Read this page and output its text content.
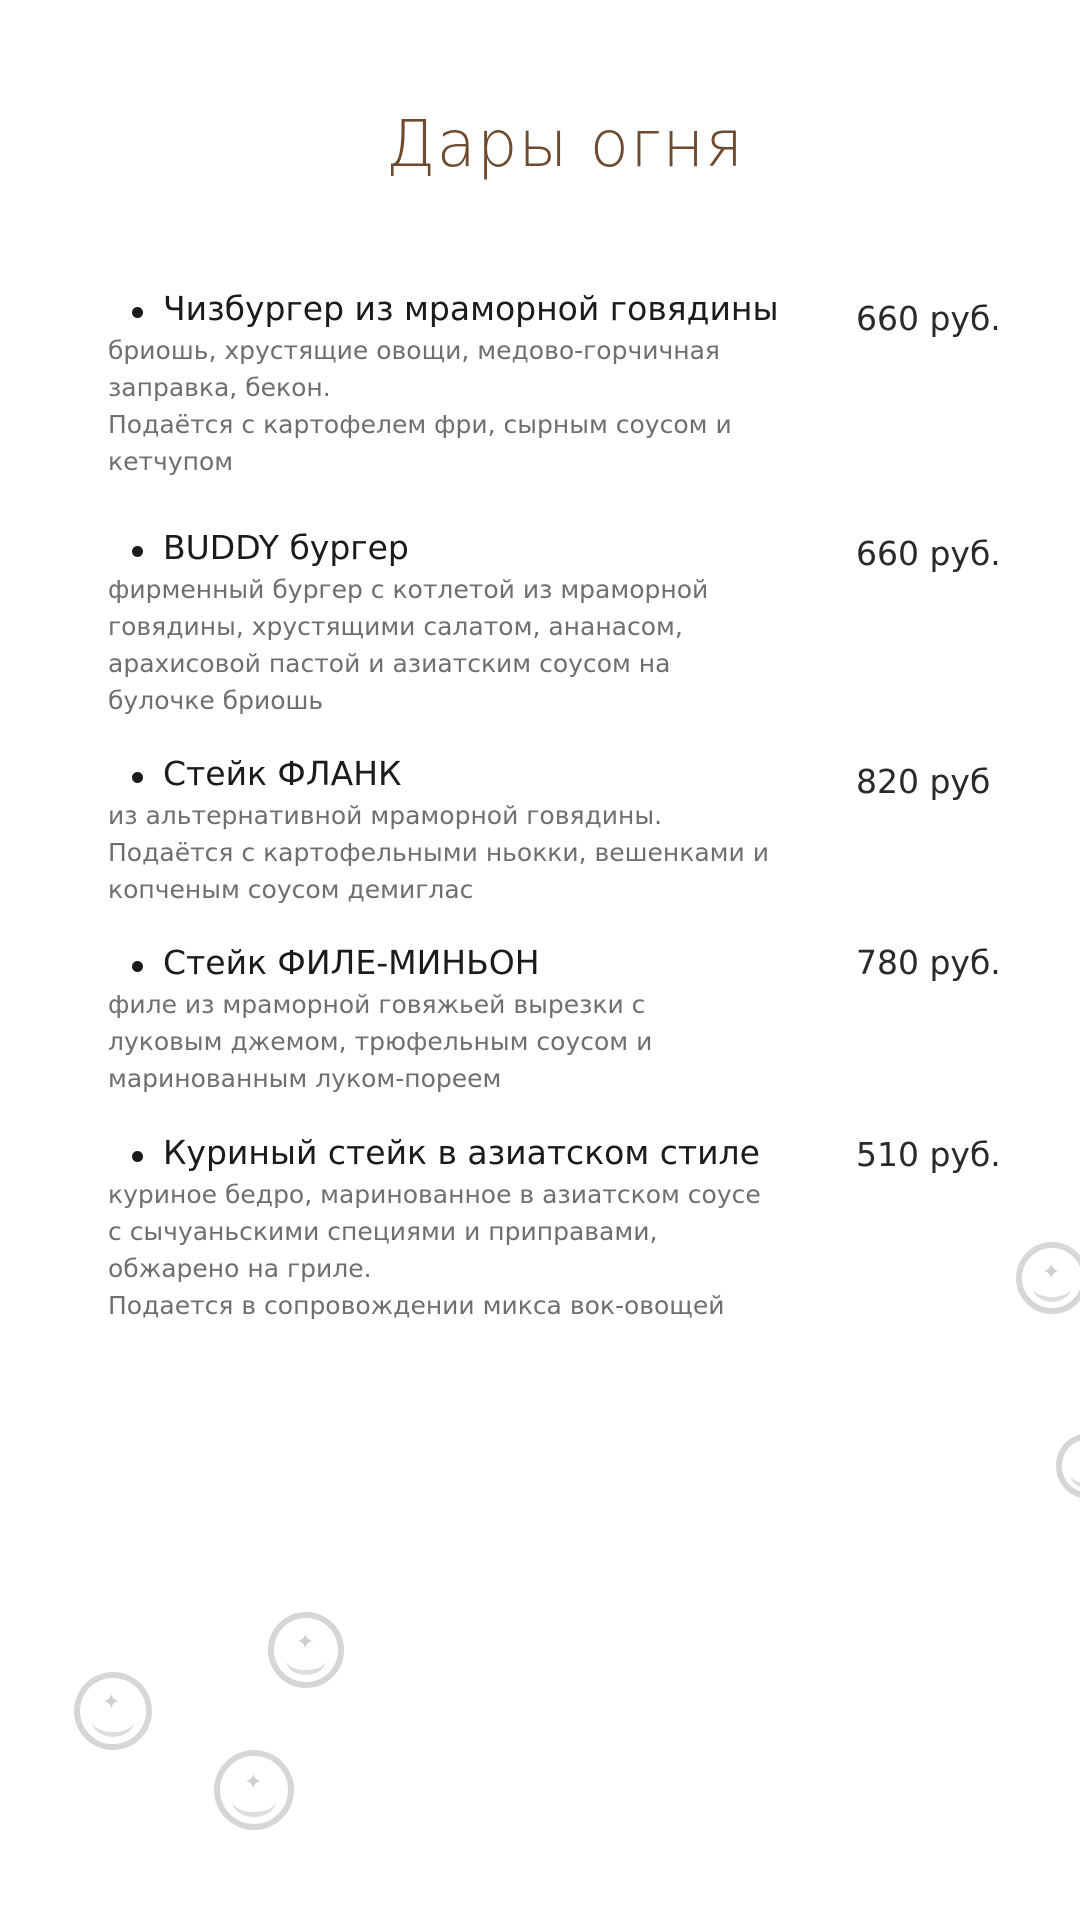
Дары огня
Чизбургер из мраморной говядины 660 руб.
бриошь, хрустящие овощи, медово-горчичная
заправка, бекон.
Подаётся с картофелем фри, сырным соусом и
кетчупом
BUDDY бургер	660 руб.
фирменный бургер с котлетой из мраморной
говядины, хрустящими салатом, ананасом,
арахисовой пастой и азиатским соусом на
булочке бриошь
Стейк ФЛАНК	820 руб
из альтернативной мраморной говядины.
Подаётся с картофельными ньокки, вешенками и
копченым соусом демиглас
Стейк ФИЛЕ-МИНЬОН	780 руб.
филе из мраморной говяжьей вырезки с
луковым джемом, трюфельным соусом и
маринованным луком-пореем
Куриный стейк в азиатском стиле	510 руб.
куриное бедро, маринованное в азиатском соусе
с сычуаньскими специями и приправами,
обжарено на гриле.
Подается в сопровождении микса вок-овощей
✦
✦
✦
✦
